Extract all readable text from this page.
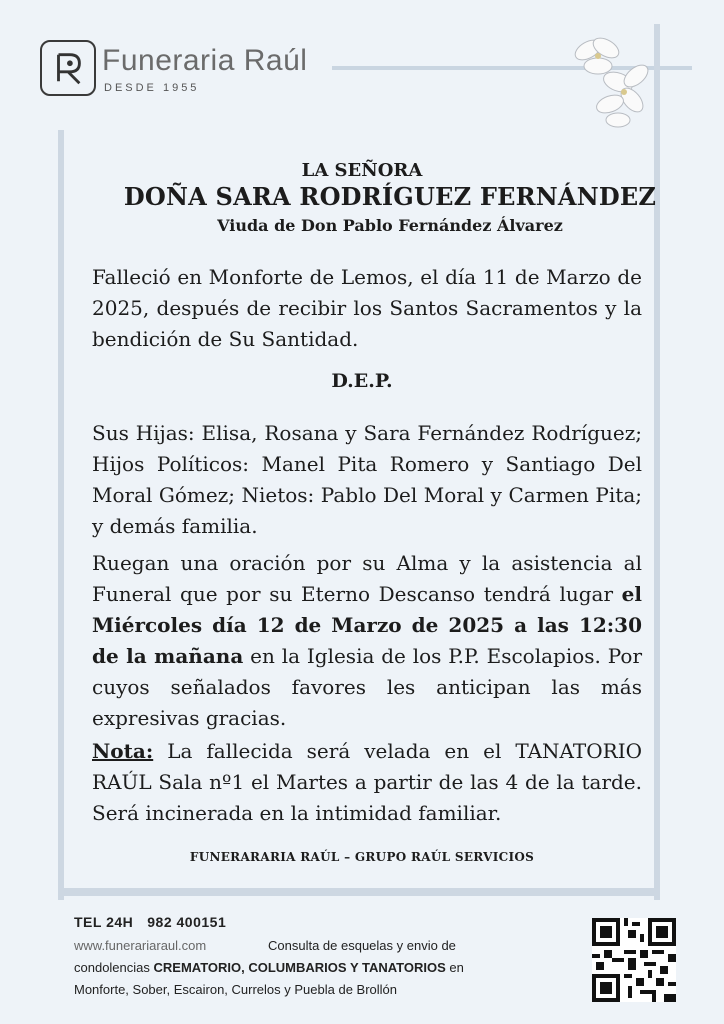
Funeraria Raúl
DESDE 1955
LA SEÑORA
DOÑA SARA RODRÍGUEZ FERNÁNDEZ
Viuda de Don Pablo Fernández Álvarez
Falleció en Monforte de Lemos, el día 11 de Marzo de 2025, después de recibir los Santos Sacramentos y la bendición de Su Santidad.
D.E.P.
Sus Hijas: Elisa, Rosana y Sara Fernández Rodríguez; Hijos Políticos: Manel Pita Romero y Santiago Del Moral Gómez; Nietos: Pablo Del Moral y Carmen Pita; y demás familia.
Ruegan una oración por su Alma y la asistencia al Funeral que por su Eterno Descanso tendrá lugar el Miércoles día 12 de Marzo de 2025 a las 12:30 de la mañana en la Iglesia de los P.P. Escolapios. Por cuyos señalados favores les anticipan las más expresivas gracias.
Nota: La fallecida será velada en el TANATORIO RAÚL Sala nº1 el Martes a partir de las 4 de la tarde. Será incinerada en la intimidad familiar.
FUNERARARIA RAÚL – GRUPO RAÚL SERVICIOS
TEL 24H 982 400151
www.funerariaraul.com	Consulta de esquelas y envio de
condolencias CREMATORIO, COLUMBARIOS Y TANATORIOS en
Monforte, Sober, Escairon, Currelos y Puebla de Brollón
